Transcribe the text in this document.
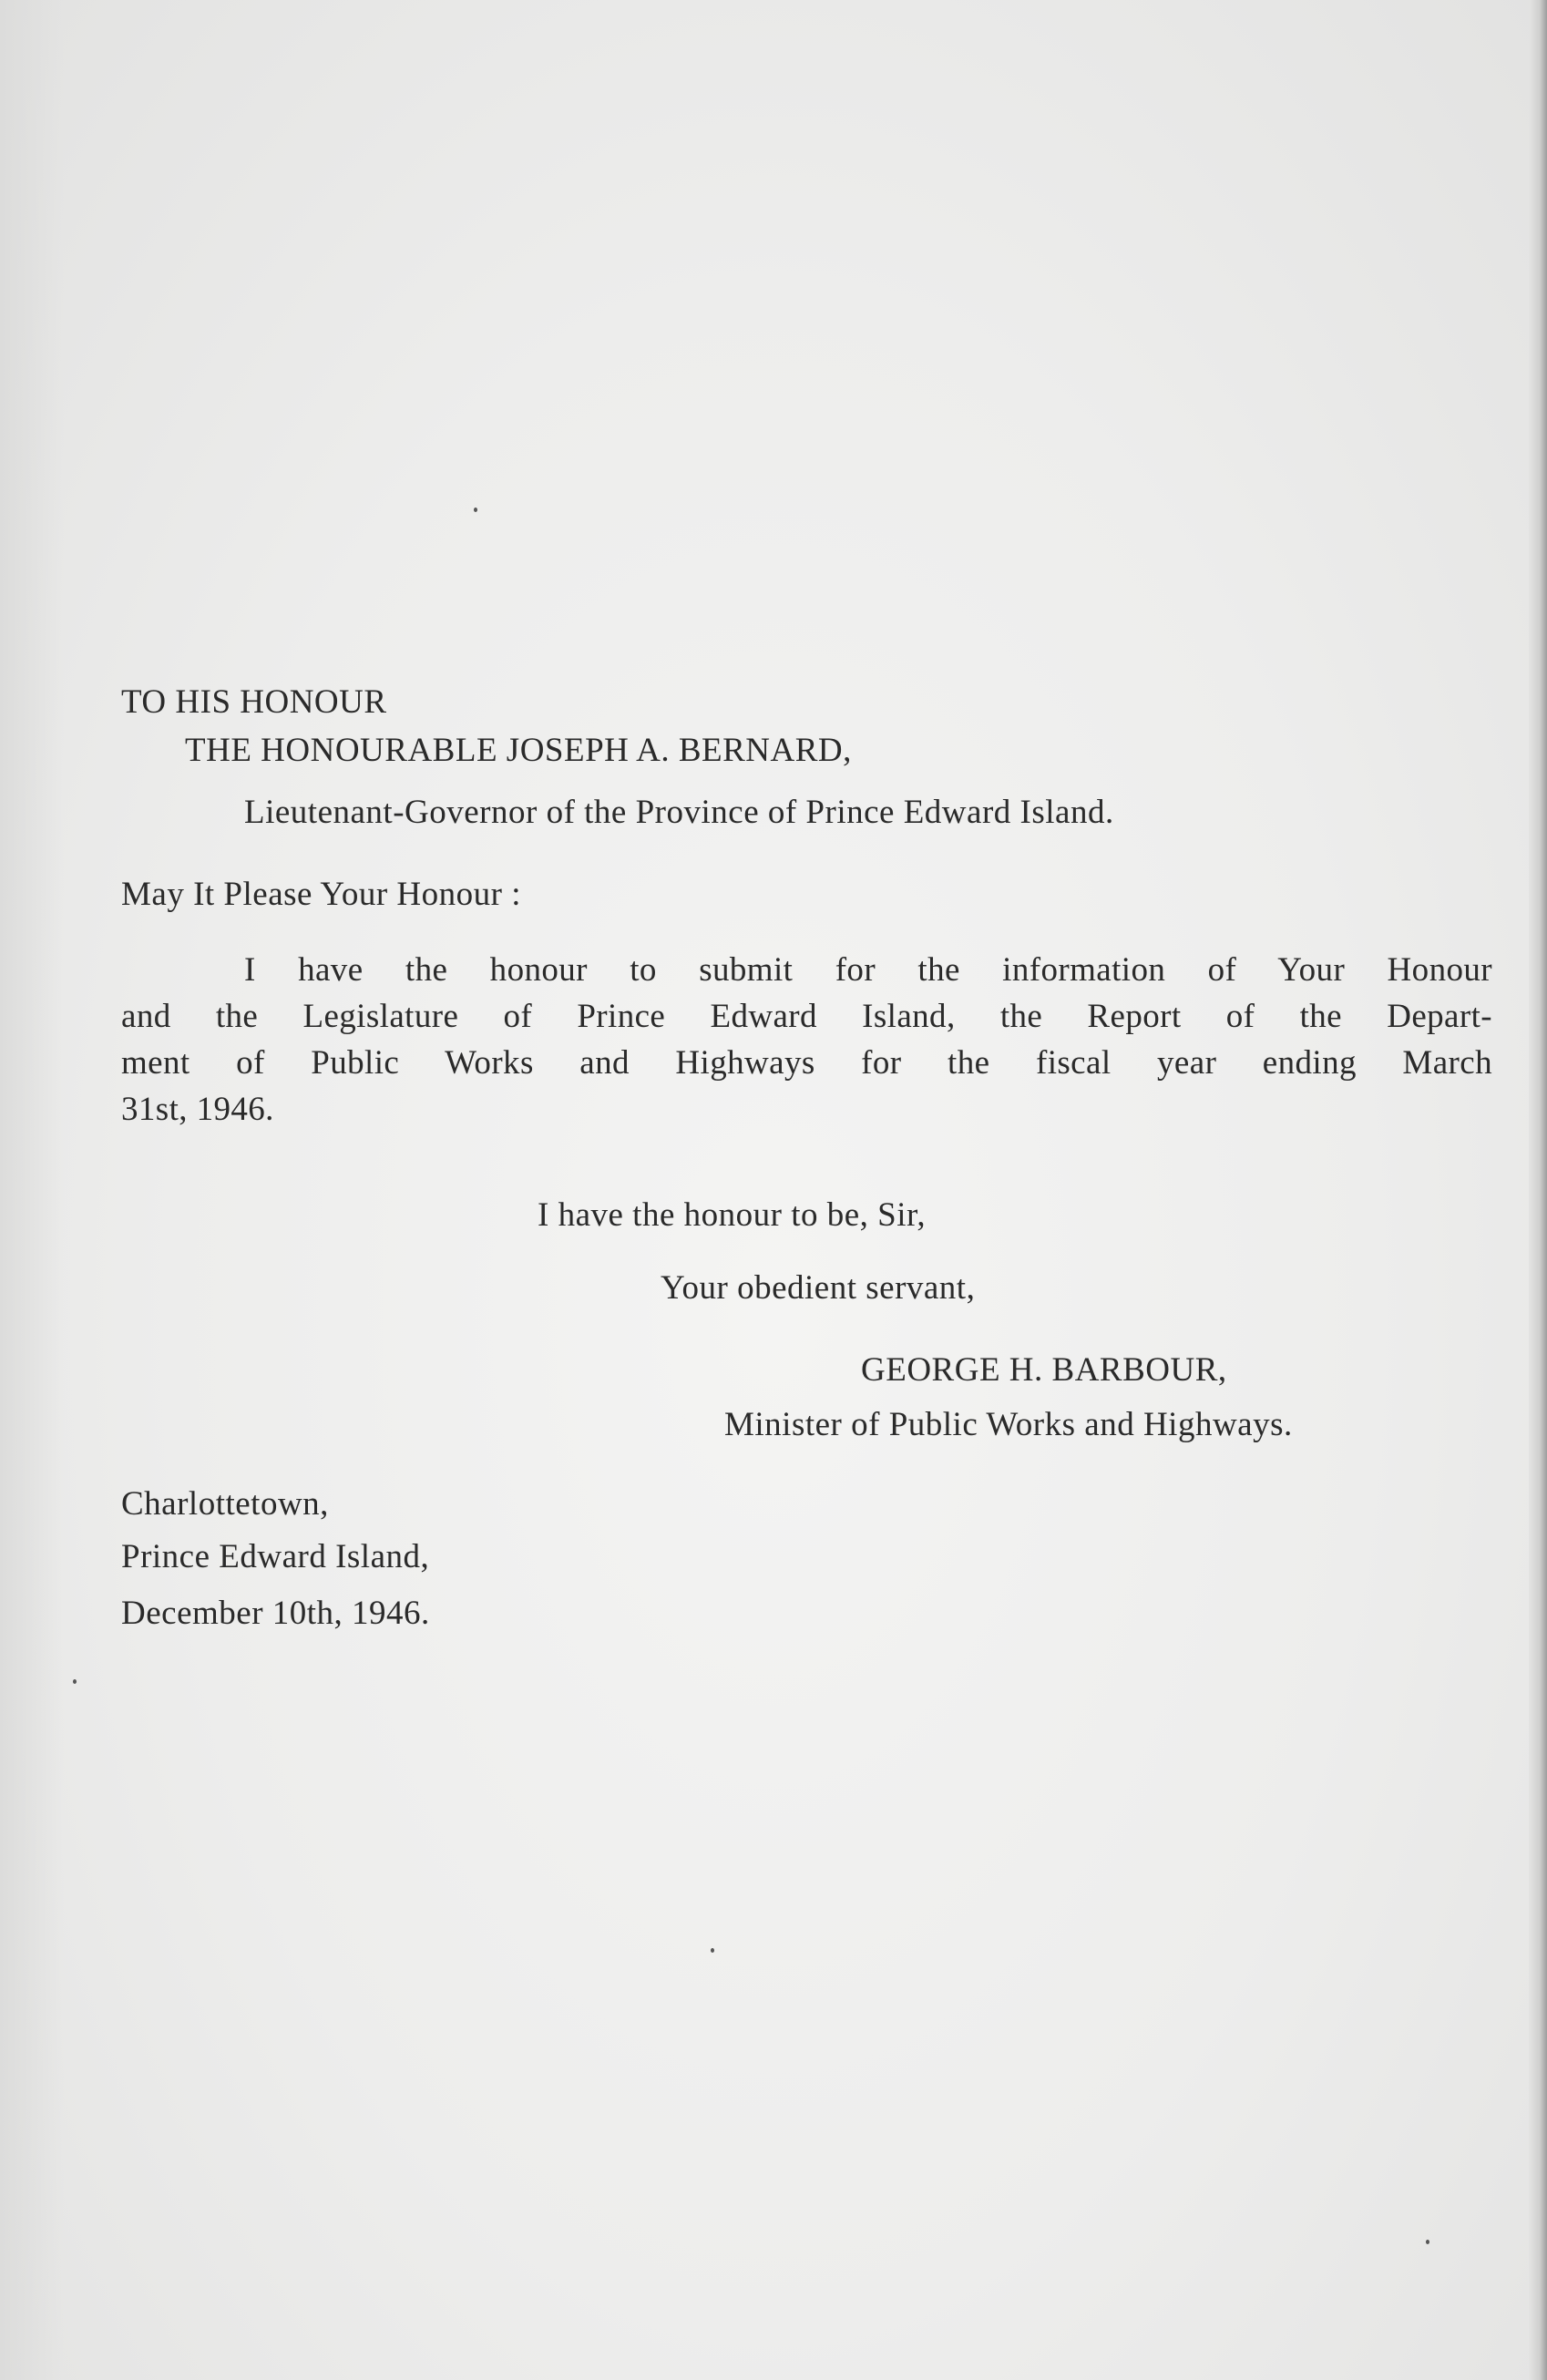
TO HIS HONOUR
THE HONOURABLE JOSEPH A. BERNARD,
Lieutenant-Governor of the Province of Prince Edward Island.
May It Please Your Honour :
I have the honour to submit for the information of Your Honour
and the Legislature of Prince Edward Island, the Report of the Depart-
ment of Public Works and Highways for the fiscal year ending March
31st, 1946.
I have the honour to be, Sir,
Your obedient servant,
GEORGE H. BARBOUR,
Minister of Public Works and Highways.
Charlottetown,
Prince Edward Island,
December 10th, 1946.
